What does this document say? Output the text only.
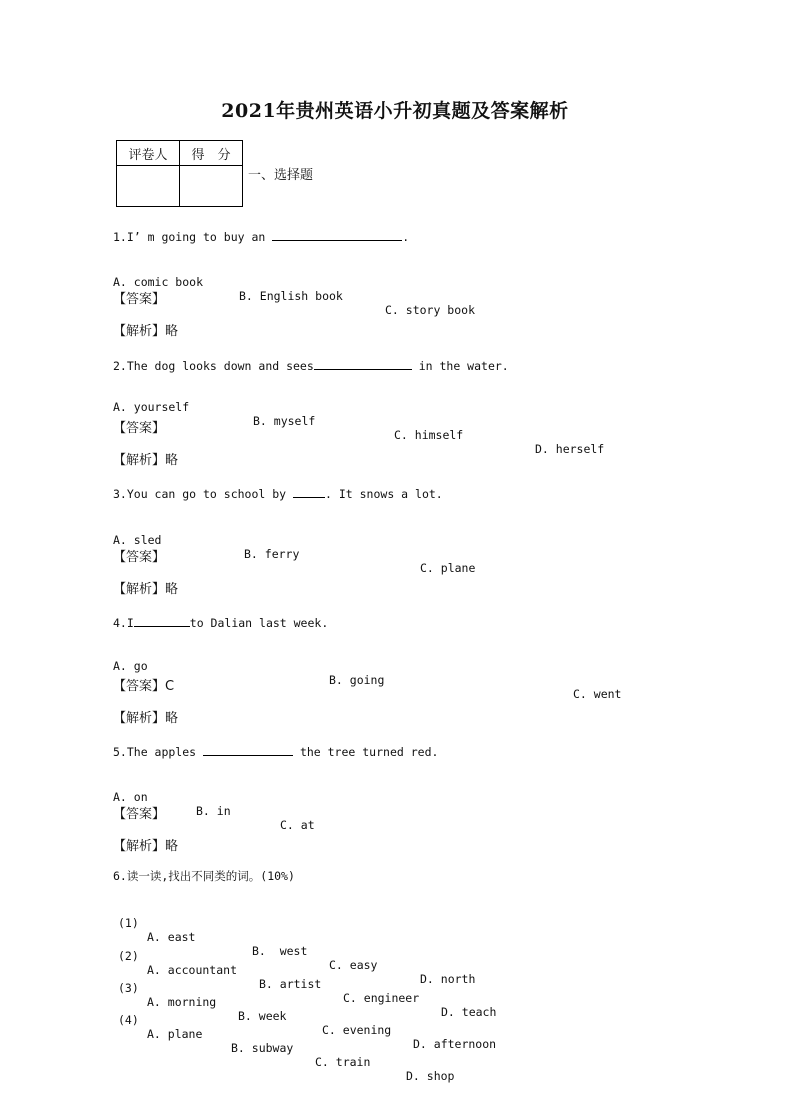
2021年贵州英语小升初真题及答案解析
评卷人	得　分

一、选择题
1.I’ m going to buy an	.

A. comic book

B. English book

C. story book

【答案】
【解析】略
2.The dog looks down and sees	in the water.

A. yourself

B. myself

C. himself

D. herself

【答案】
【解析】略
3.You can go to school by	. It snows a lot.

A. sled

B. ferry

C. plane

【答案】
【解析】略
4.I	to Dalian last week.

A. go

B. going

C. went

【答案】C
【解析】略
5.The apples	the tree turned red.

A. on

B. in

C. at

【答案】
【解析】略
6.读一读,找出不同类的词。(10%)

(1)

A. east

B.  west

C. easy

D. north

(2)

A. accountant

B. artist

C. engineer

D. teach

(3)

A. morning

B. week

C. evening

D. afternoon

(4)

A. plane

B. subway

C. train

D. shop
